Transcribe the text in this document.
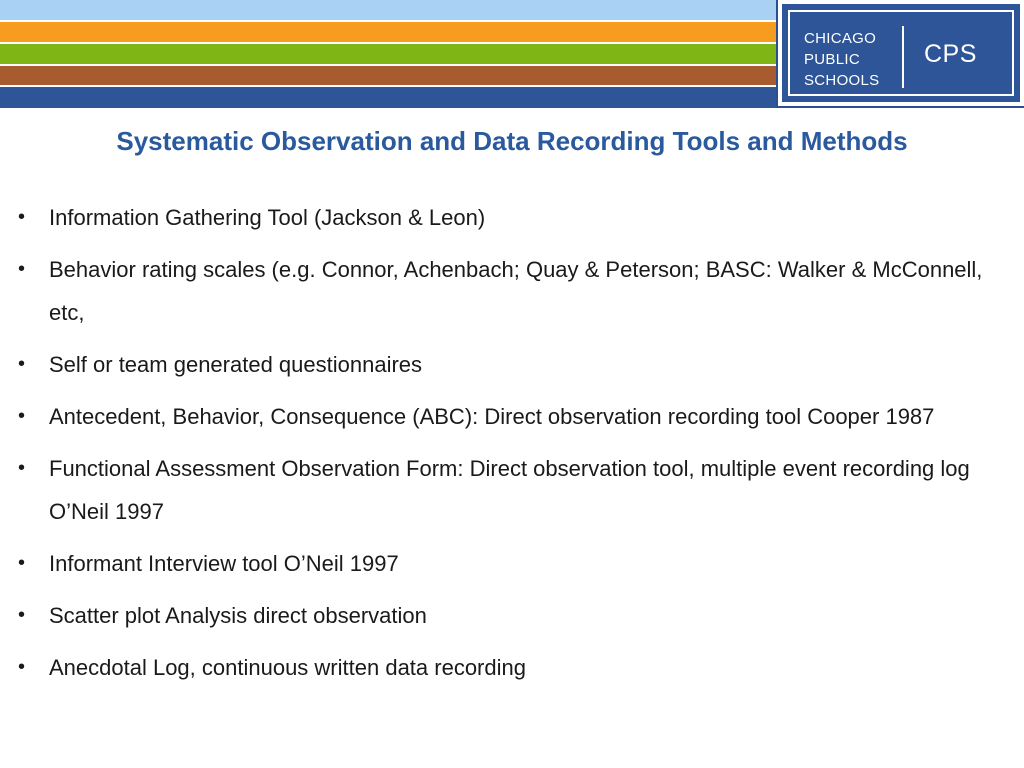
CHICAGO
PUBLIC
SCHOOLS
CPS
Systematic Observation and Data Recording Tools and Methods
•	Information Gathering Tool (Jackson & Leon)
•	Behavior rating scales (e.g. Connor, Achenbach; Quay & Peterson; BASC: Walker & McConnell, etc,
•	Self or team generated questionnaires
•	Antecedent, Behavior, Consequence (ABC): Direct observation recording tool Cooper 1987
•	Functional Assessment Observation Form: Direct observation tool, multiple event recording log O’Neil 1997
•	Informant Interview tool O’Neil 1997
•	Scatter plot Analysis direct observation
•	Anecdotal Log, continuous written data recording
